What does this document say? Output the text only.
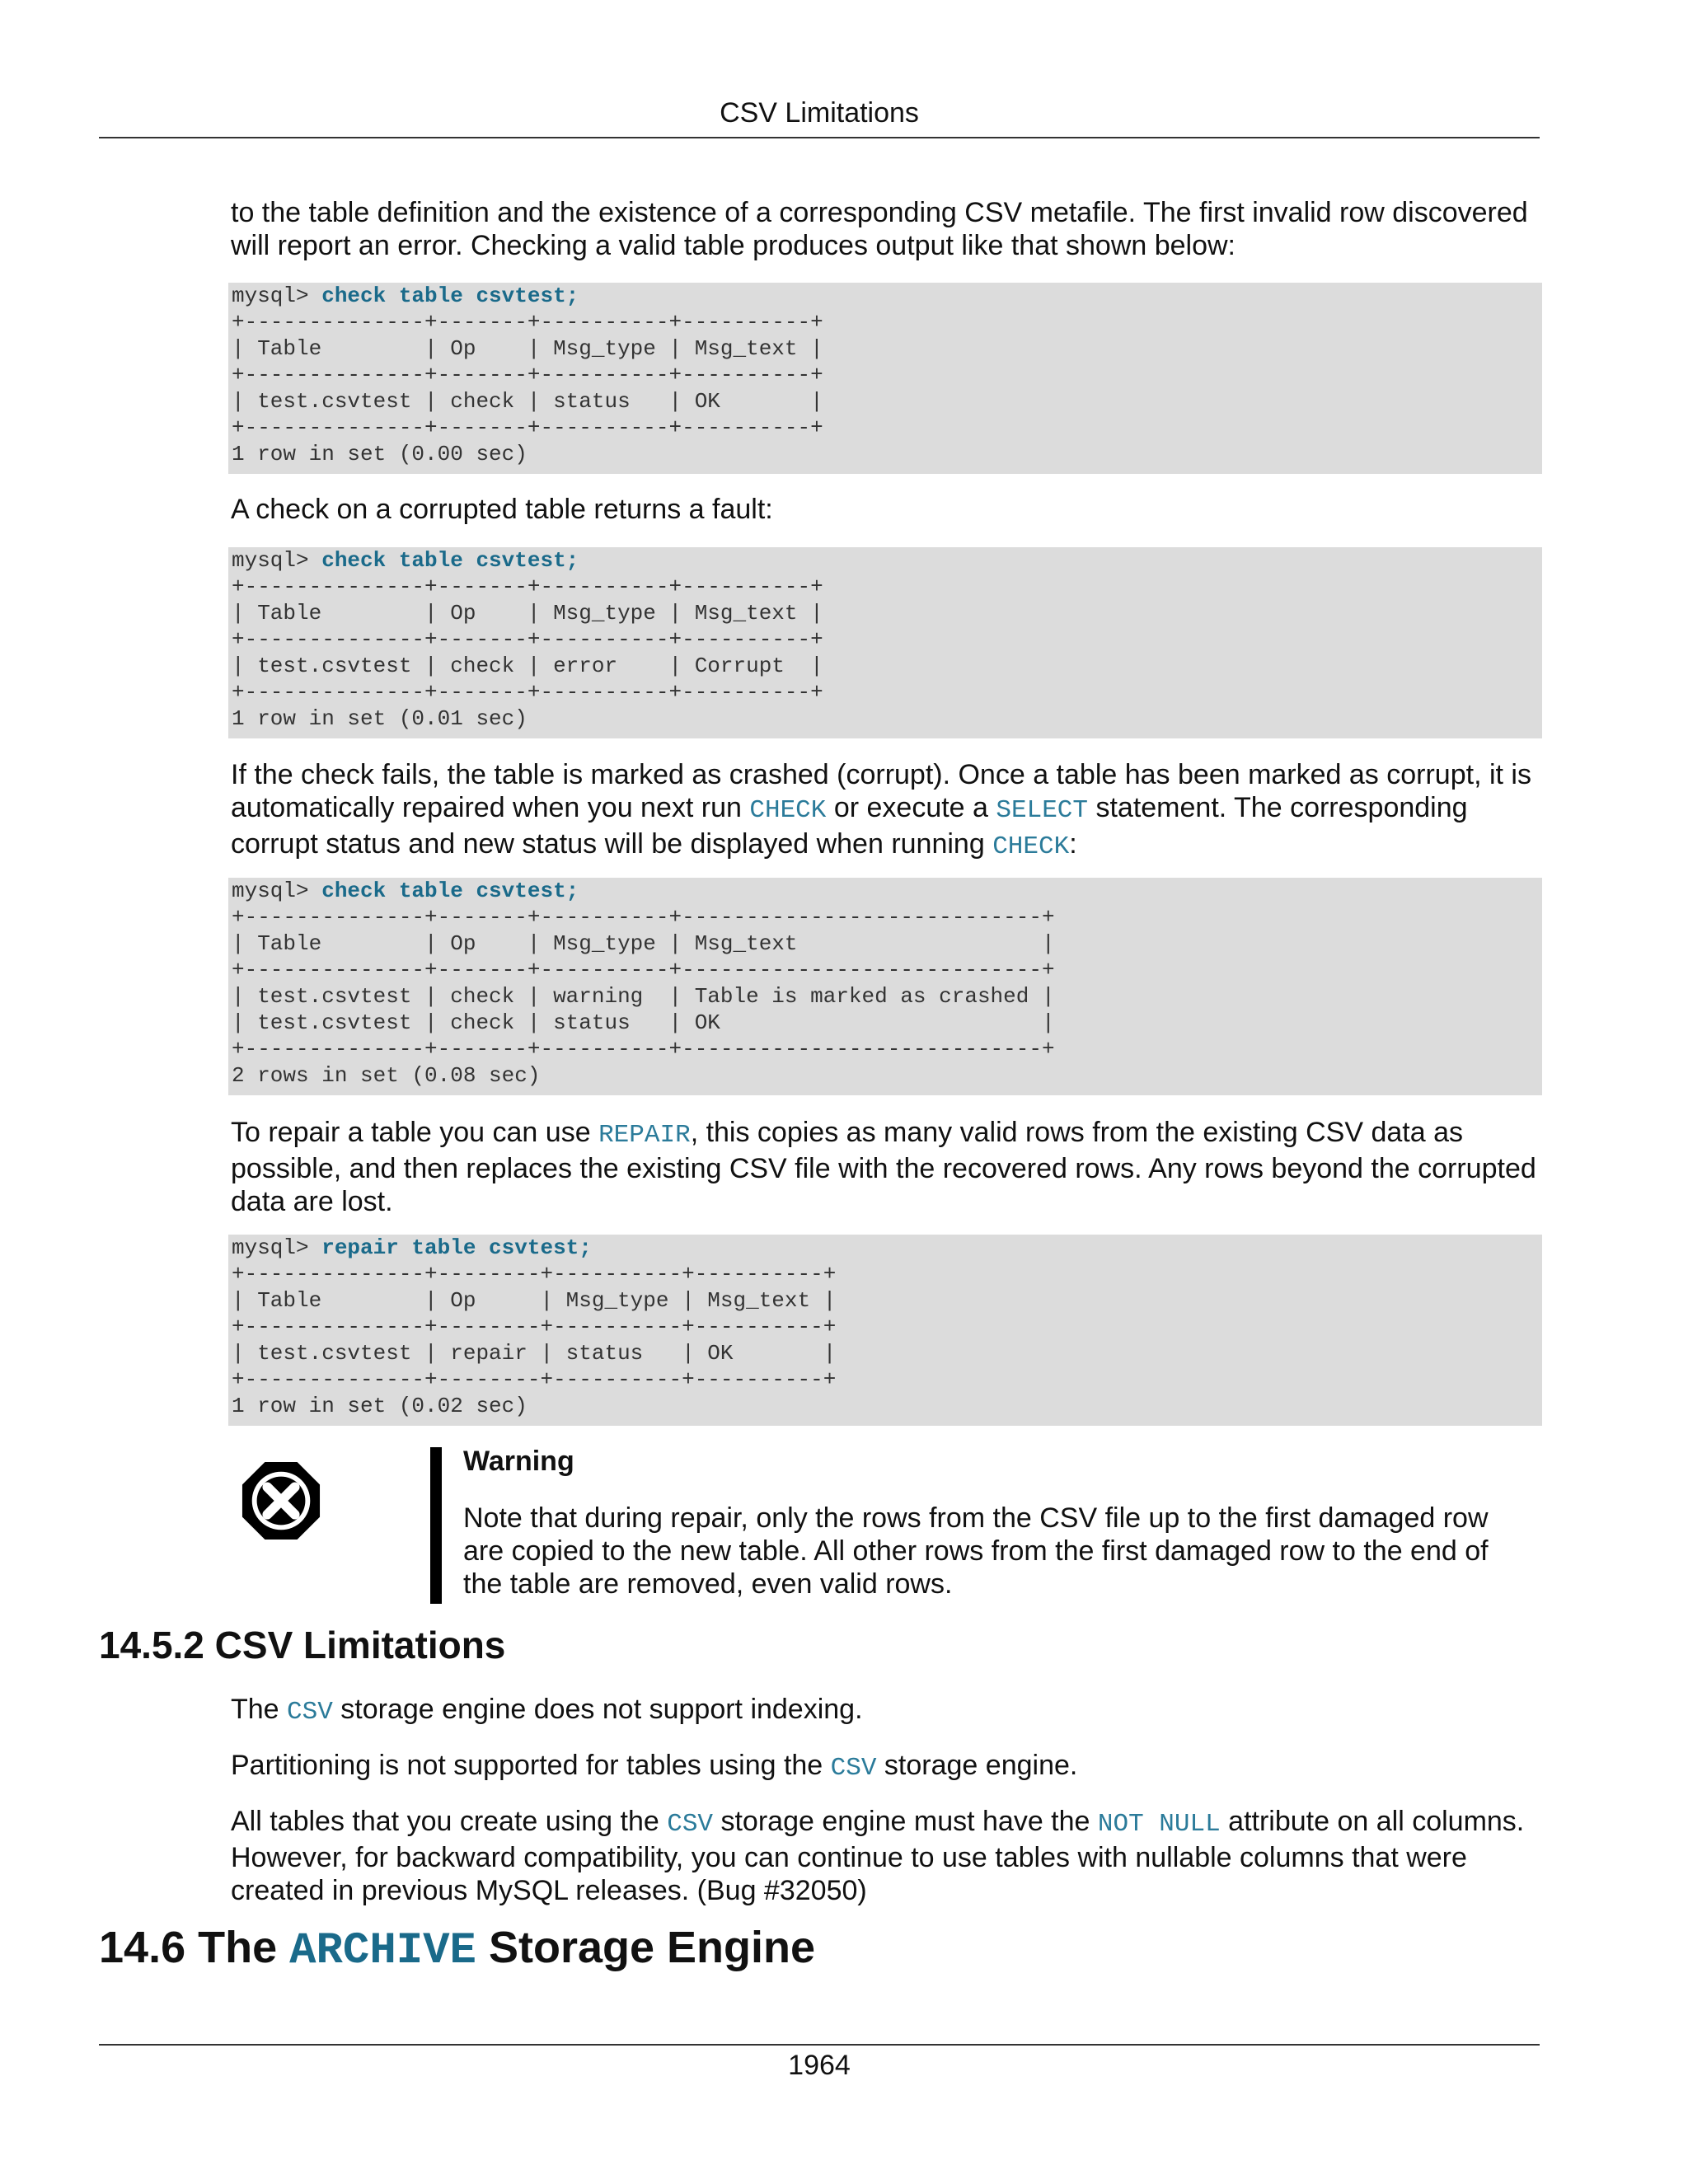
CSV Limitations

to the table definition and the existence of a corresponding CSV metafile. The first invalid row discovered will report an error. Checking a valid table produces output like that shown below:

mysql> check table csvtest;
+--------------+-------+----------+----------+
| Table        | Op    | Msg_type | Msg_text |
+--------------+-------+----------+----------+
| test.csvtest | check | status   | OK       |
+--------------+-------+----------+----------+
1 row in set (0.00 sec)

A check on a corrupted table returns a fault:

mysql> check table csvtest;
+--------------+-------+----------+----------+
| Table        | Op    | Msg_type | Msg_text |
+--------------+-------+----------+----------+
| test.csvtest | check | error    | Corrupt  |
+--------------+-------+----------+----------+
1 row in set (0.01 sec)

If the check fails, the table is marked as crashed (corrupt). Once a table has been marked as corrupt, it is automatically repaired when you next run CHECK or execute a SELECT statement. The corresponding corrupt status and new status will be displayed when running CHECK:

mysql> check table csvtest;
+--------------+-------+----------+----------------------------+
| Table        | Op    | Msg_type | Msg_text                   |
+--------------+-------+----------+----------------------------+
| test.csvtest | check | warning  | Table is marked as crashed |
| test.csvtest | check | status   | OK                         |
+--------------+-------+----------+----------------------------+
2 rows in set (0.08 sec)

To repair a table you can use REPAIR, this copies as many valid rows from the existing CSV data as possible, and then replaces the existing CSV file with the recovered rows. Any rows beyond the corrupted data are lost.

mysql> repair table csvtest;
+--------------+--------+----------+----------+
| Table        | Op     | Msg_type | Msg_text |
+--------------+--------+----------+----------+
| test.csvtest | repair | status   | OK       |
+--------------+--------+----------+----------+
1 row in set (0.02 sec)

Warning

Note that during repair, only the rows from the CSV file up to the first damaged row are copied to the new table. All other rows from the first damaged row to the end of the table are removed, even valid rows.

14.5.2 CSV Limitations

The CSV storage engine does not support indexing.

Partitioning is not supported for tables using the CSV storage engine.

All tables that you create using the CSV storage engine must have the NOT NULL attribute on all columns. However, for backward compatibility, you can continue to use tables with nullable columns that were created in previous MySQL releases. (Bug #32050)

14.6 The ARCHIVE Storage Engine
1964
